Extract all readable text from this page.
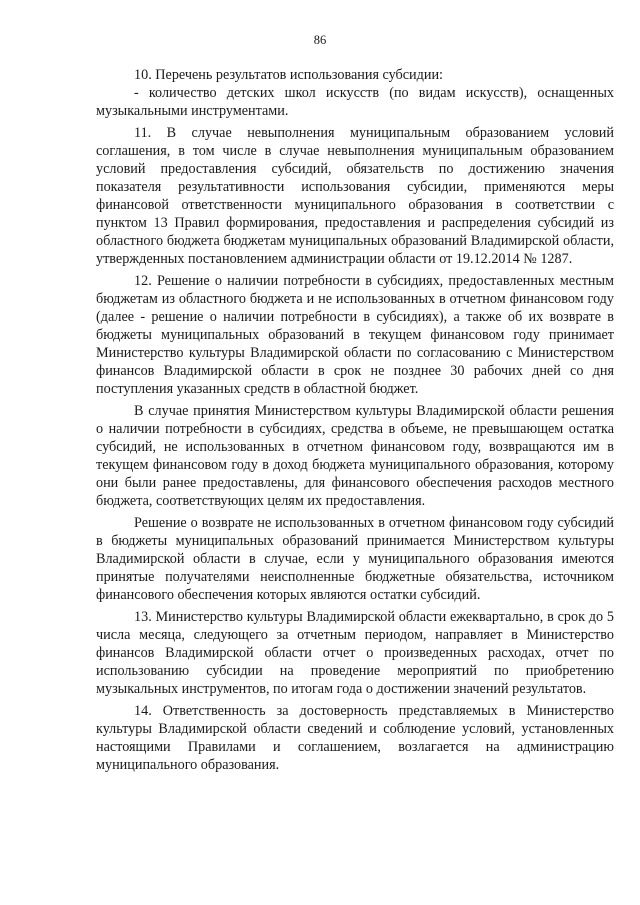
86

10. Перечень результатов использования субсидии:

- количество детских школ искусств (по видам искусств), оснащенных музыкальными инструментами.

11. В случае невыполнения муниципальным образованием условий соглашения, в том числе в случае невыполнения муниципальным образованием условий предоставления субсидий, обязательств по достижению значения показателя результативности использования субсидии, применяются меры финансовой ответственности муниципального образования в соответствии с пунктом 13 Правил формирования, предоставления и распределения субсидий из областного бюджета бюджетам муниципальных образований Владимирской области, утвержденных постановлением администрации области от 19.12.2014 № 1287.

12. Решение о наличии потребности в субсидиях, предоставленных местным бюджетам из областного бюджета и не использованных в отчетном финансовом году (далее - решение о наличии потребности в субсидиях), а также об их возврате в бюджеты муниципальных образований в текущем финансовом году принимает Министерство культуры Владимирской области по согласованию с Министерством финансов Владимирской области в срок не позднее 30 рабочих дней со дня поступления указанных средств в областной бюджет.

В случае принятия Министерством культуры Владимирской области решения о наличии потребности в субсидиях, средства в объеме, не превышающем остатка субсидий, не использованных в отчетном финансовом году, возвращаются им в текущем финансовом году в доход бюджета муниципального образования, которому они были ранее предоставлены, для финансового обеспечения расходов местного бюджета, соответствующих целям их предоставления.

Решение о возврате не использованных в отчетном финансовом году субсидий в бюджеты муниципальных образований принимается Министерством культуры Владимирской области в случае, если у муниципального образования имеются принятые получателями неисполненные бюджетные обязательства, источником финансового обеспечения которых являются остатки субсидий.

13. Министерство культуры Владимирской области ежеквартально, в срок до 5 числа месяца, следующего за отчетным периодом, направляет в Министерство финансов Владимирской области отчет о произведенных расходах, отчет по использованию субсидии на проведение мероприятий по приобретению музыкальных инструментов, по итогам года о достижении значений результатов.

14. Ответственность за достоверность представляемых в Министерство культуры Владимирской области сведений и соблюдение условий, установленных настоящими Правилами и соглашением, возлагается на администрацию муниципального образования.
